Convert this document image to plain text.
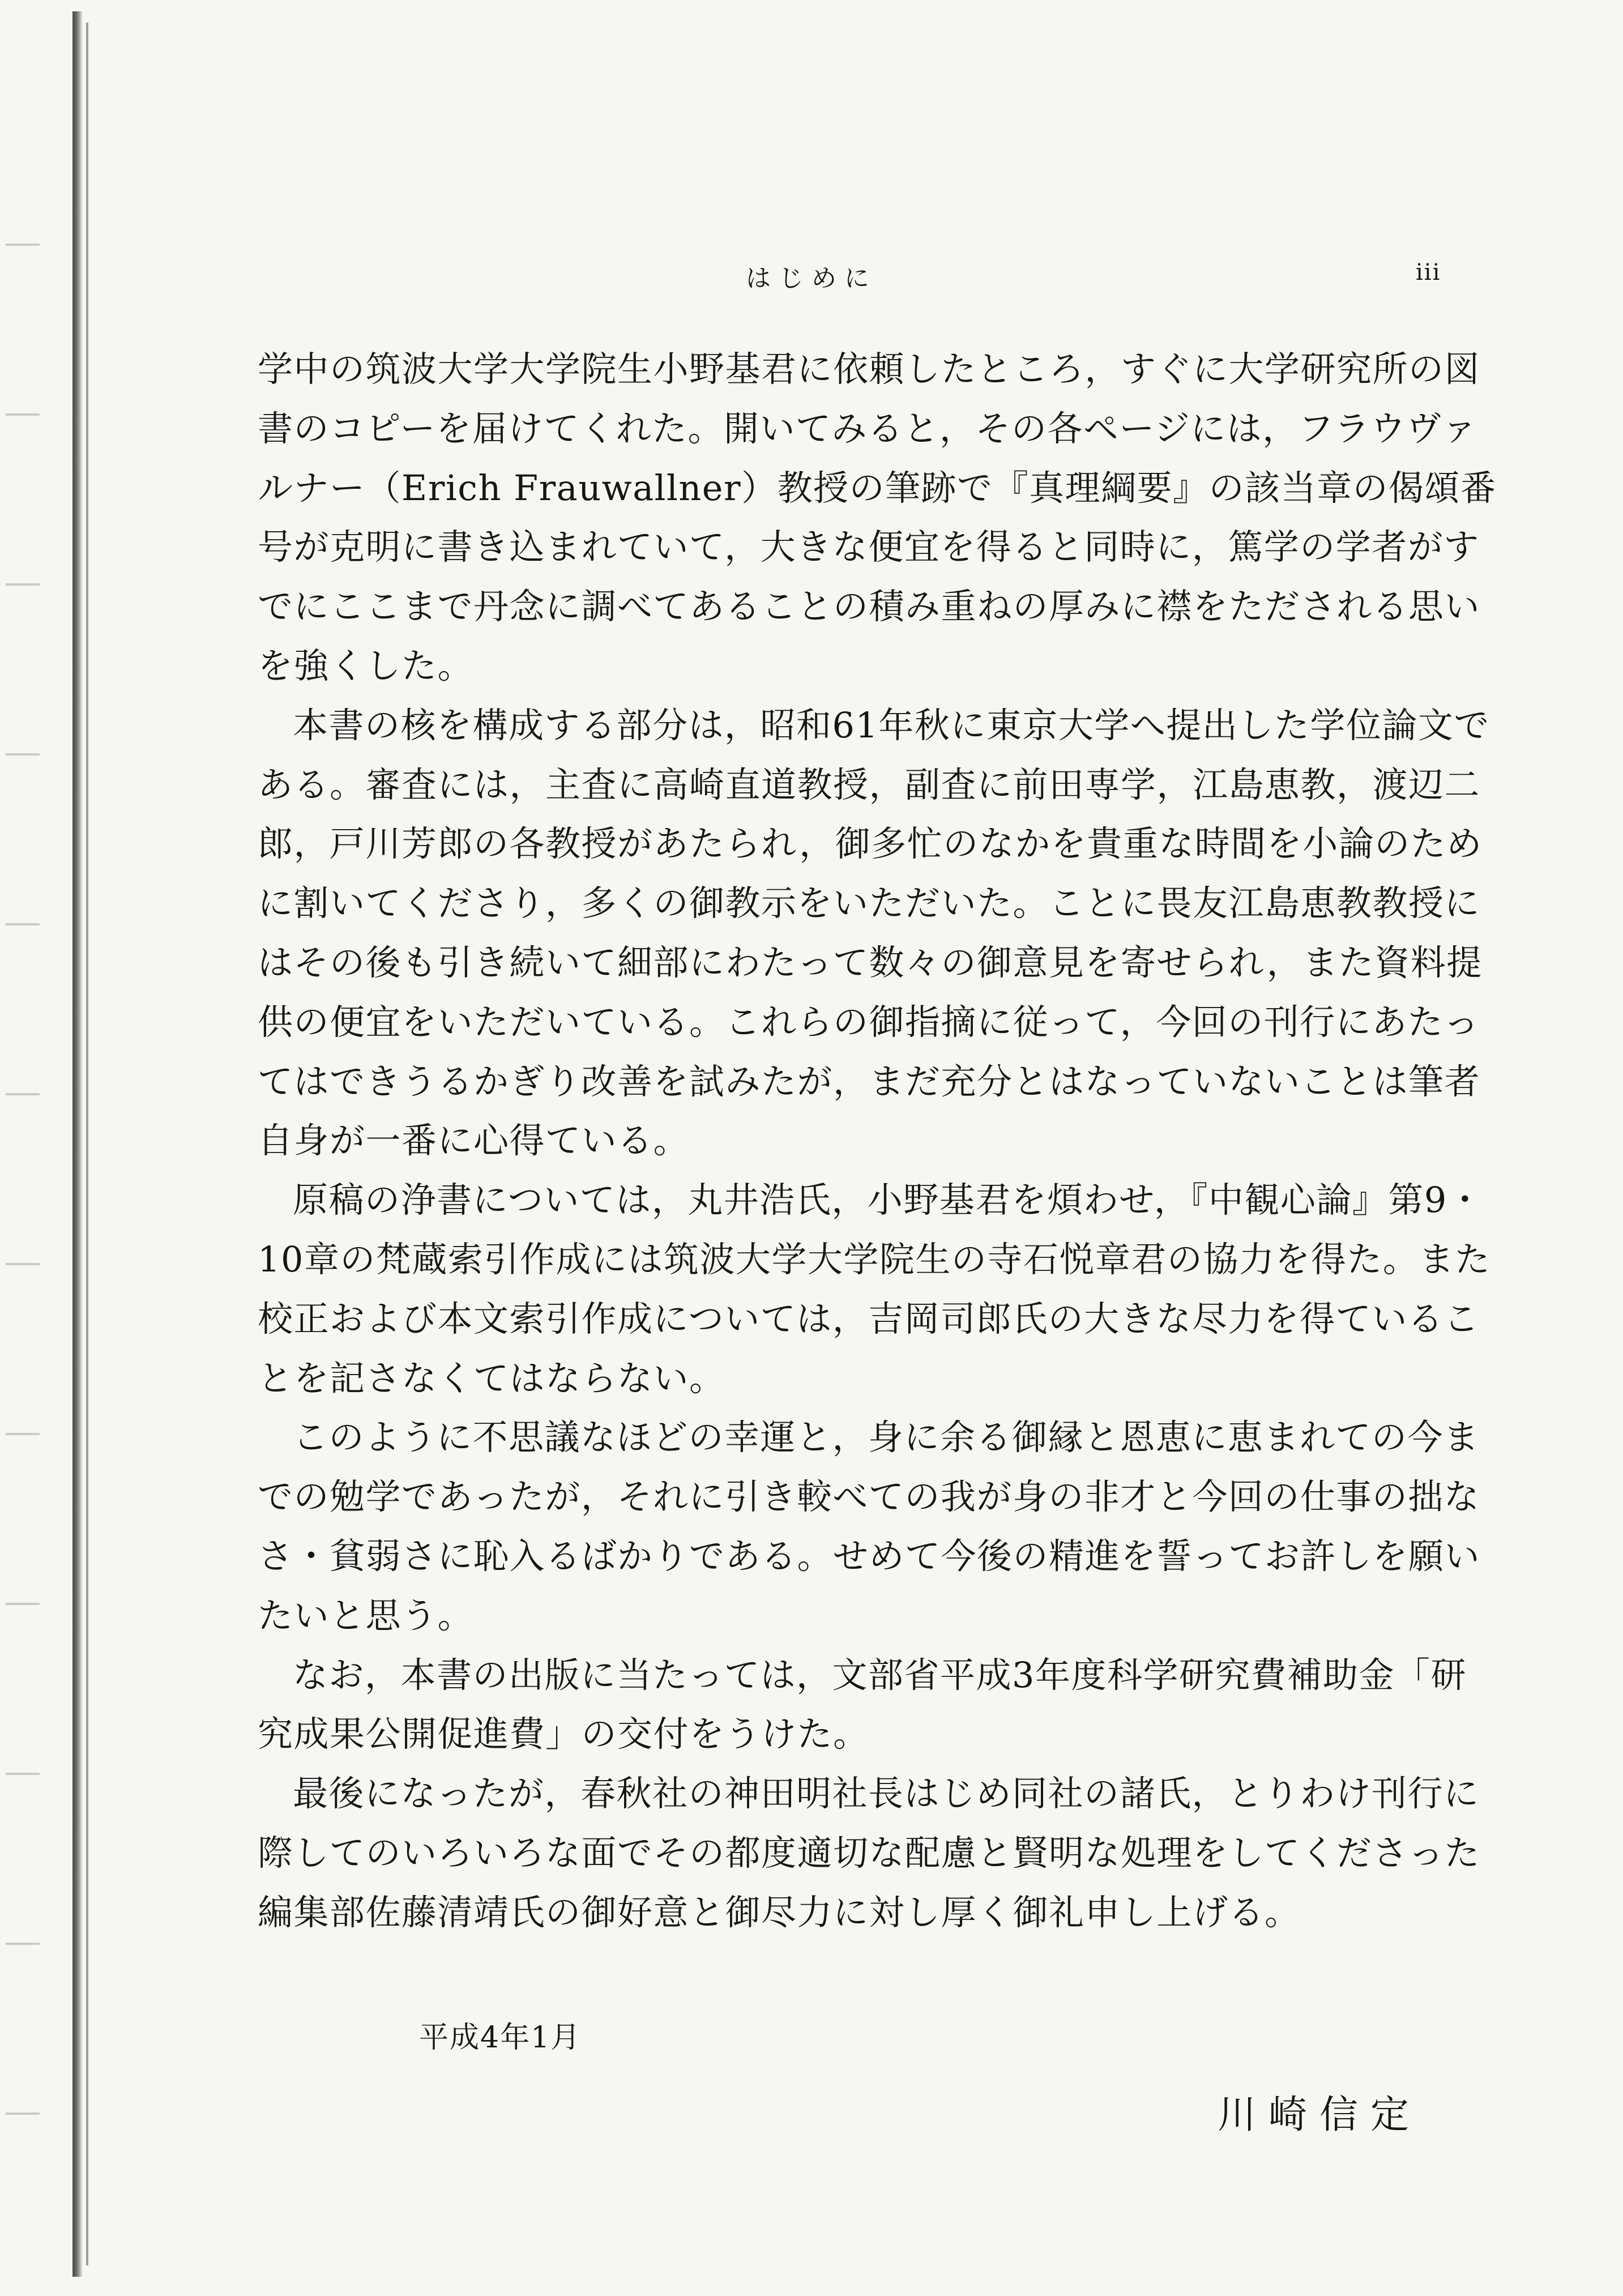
はじめに	iii

学中の筑波大学大学院生小野基君に依頼したところ，すぐに大学研究所の図書のコピーを届けてくれた。開いてみると，その各ページには，フラウヴァルナー（Erich Frauwallner）教授の筆跡で『真理綱要』の該当章の偈頌番号が克明に書き込まれていて，大きな便宜を得ると同時に，篤学の学者がすでにここまで丹念に調べてあることの積み重ねの厚みに襟をただされる思いを強くした。

本書の核を構成する部分は，昭和61年秋に東京大学へ提出した学位論文である。審査には，主査に高崎直道教授，副査に前田専学，江島恵教，渡辺二郎，戸川芳郎の各教授があたられ，御多忙のなかを貴重な時間を小論のために割いてくださり，多くの御教示をいただいた。ことに畏友江島恵教教授にはその後も引き続いて細部にわたって数々の御意見を寄せられ，また資料提供の便宜をいただいている。これらの御指摘に従って，今回の刊行にあたってはできうるかぎり改善を試みたが，まだ充分とはなっていないことは筆者自身が一番に心得ている。

原稿の浄書については，丸井浩氏，小野基君を煩わせ，『中観心論』第9・10章の梵蔵索引作成には筑波大学大学院生の寺石悦章君の協力を得た。また校正および本文索引作成については，吉岡司郎氏の大きな尽力を得ていることを記さなくてはならない。

このように不思議なほどの幸運と，身に余る御縁と恩恵に恵まれての今までの勉学であったが，それに引き較べての我が身の非才と今回の仕事の拙なさ・貧弱さに恥入るばかりである。せめて今後の精進を誓ってお許しを願いたいと思う。

なお，本書の出版に当たっては，文部省平成3年度科学研究費補助金「研究成果公開促進費」の交付をうけた。

最後になったが，春秋社の神田明社長はじめ同社の諸氏，とりわけ刊行に際してのいろいろな面でその都度適切な配慮と賢明な処理をしてくださった編集部佐藤清靖氏の御好意と御尽力に対し厚く御礼申し上げる。

平成4年1月
川崎信定
